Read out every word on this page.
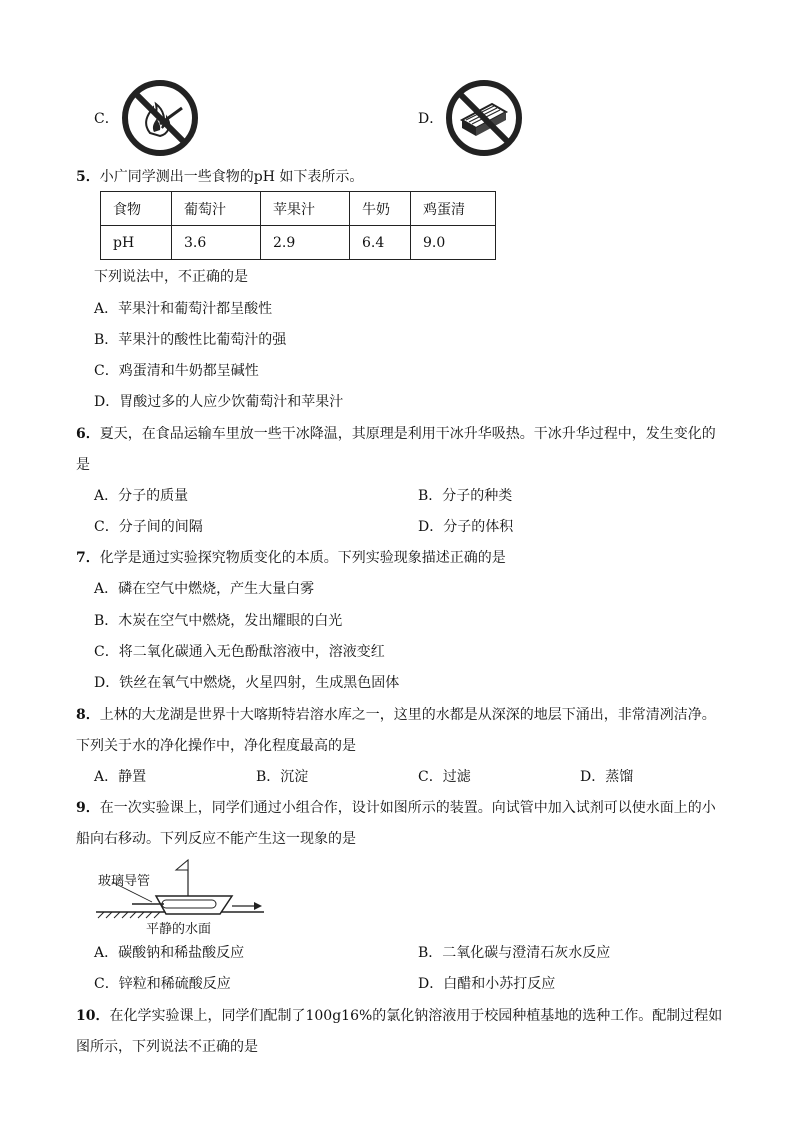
C．	D．
5．小广同学测出一些食物的pH 如下表所示。
食物	葡萄汁	苹果汁	牛奶	鸡蛋清
pH	3.6	2.9	6.4	9.0
下列说法中，不正确的是
A．苹果汁和葡萄汁都呈酸性
B．苹果汁的酸性比葡萄汁的强
C．鸡蛋清和牛奶都呈碱性
D．胃酸过多的人应少饮葡萄汁和苹果汁
6．夏天，在食品运输车里放一些干冰降温，其原理是利用干冰升华吸热。干冰升华过程中，发生变化的
是
A．分子的质量	B．分子的种类
C．分子间的间隔	D．分子的体积
7．化学是通过实验探究物质变化的本质。下列实验现象描述正确的是
A．磷在空气中燃烧，产生大量白雾
B．木炭在空气中燃烧，发出耀眼的白光
C．将二氧化碳通入无色酚酞溶液中，溶液变红
D．铁丝在氧气中燃烧，火星四射，生成黑色固体
8．上林的大龙湖是世界十大喀斯特岩溶水库之一，这里的水都是从深深的地层下涌出，非常清冽洁净。
下列关于水的净化操作中，净化程度最高的是
A．静置	B．沉淀	C．过滤	D．蒸馏
9．在一次实验课上，同学们通过小组合作，设计如图所示的装置。向试管中加入试剂可以使水面上的小
船向右移动。下列反应不能产生这一现象的是
玻璃导管
平静的水面
A．碳酸钠和稀盐酸反应	B．二氧化碳与澄清石灰水反应
C．锌粒和稀硫酸反应	D．白醋和小苏打反应
10．在化学实验课上，同学们配制了100g16%的氯化钠溶液用于校园种植基地的选种工作。配制过程如
图所示，下列说法不正确的是
